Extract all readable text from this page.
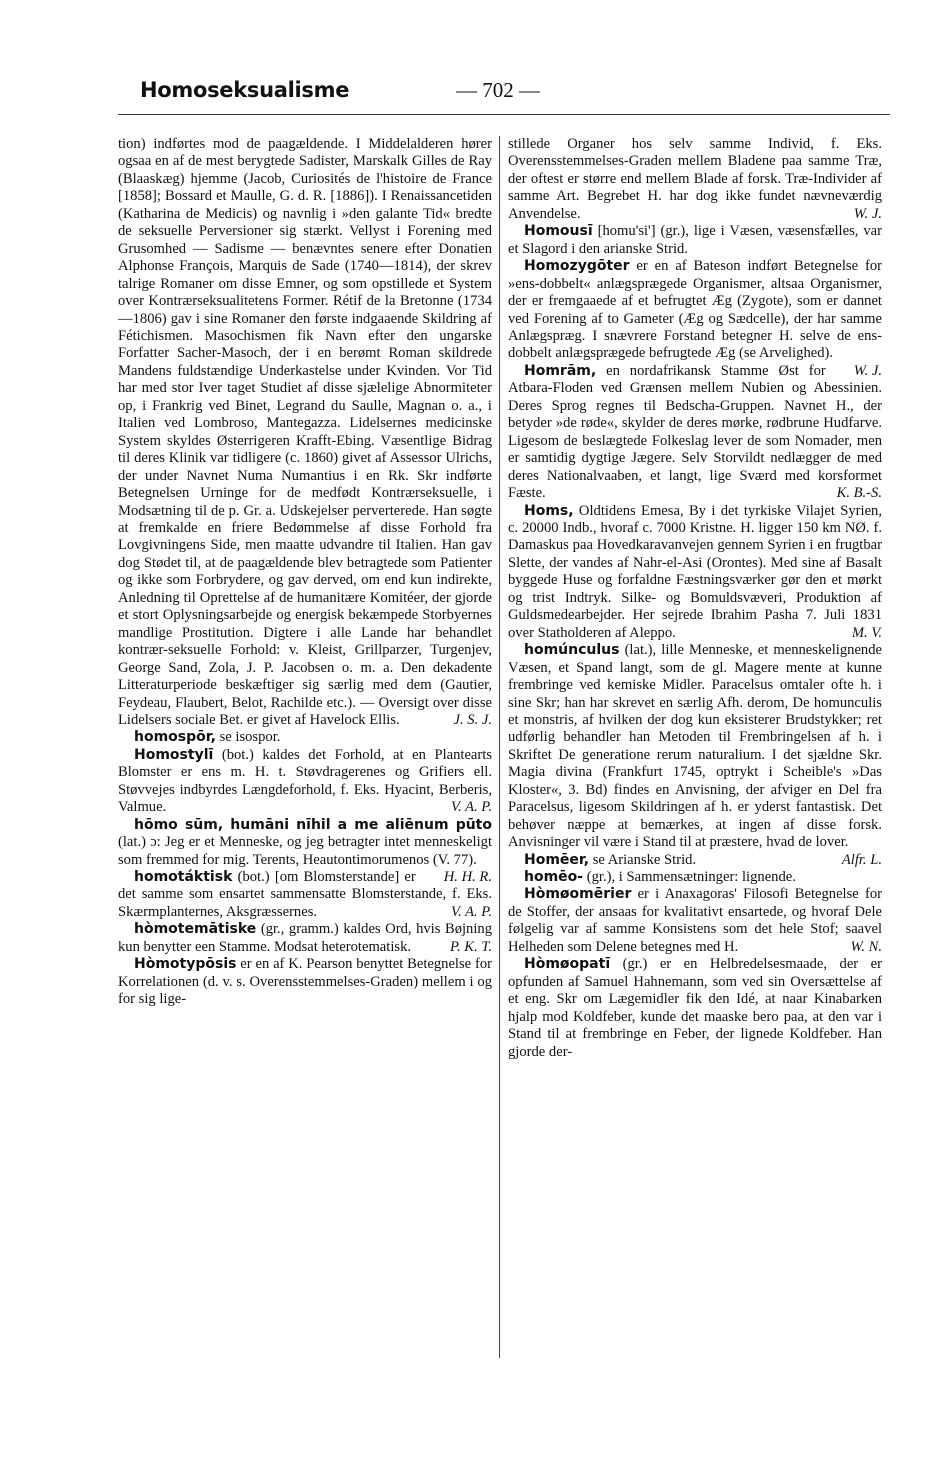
Homoseksualisme	— 702 —

tion) indførtes mod de paagældende. I Middelalderen hører ogsaa en af de mest berygtede Sadister, Marskalk Gilles de Ray (Blaaskæg) hjemme (Jacob, Curiosités de l'histoire de France [1858]; Bossard et Maulle, G. d. R. [1886]). I Renaissancetiden (Katharina de Medicis) og navnlig i »den galante Tid« bredte de seksuelle Perversioner sig stærkt. Vellyst i Forening med Grusomhed — Sadisme — benævntes senere efter Donatien Alphonse François, Marquis de Sade (1740—1814), der skrev talrige Romaner om disse Emner, og som opstillede et System over Kontrærseksualitetens Former. Rétif de la Bretonne (1734—1806) gav i sine Romaner den første indgaaende Skildring af Fétichismen. Masochismen fik Navn efter den ungarske Forfatter Sacher-Masoch, der i en berømt Roman skildrede Mandens fuldstændige Underkastelse under Kvinden. Vor Tid har med stor Iver taget Studiet af disse sjælelige Abnormiteter op, i Frankrig ved Binet, Legrand du Saulle, Magnan o. a., i Italien ved Lombroso, Mantegazza. Lidelsernes medicinske System skyldes Østerrigeren Krafft-Ebing. Væsentlige Bidrag til deres Klinik var tidligere (c. 1860) givet af Assessor Ulrichs, der under Navnet Numa Numantius i en Rk. Skr indførte Betegnelsen Urninge for de medfødt Kontrærseksuelle, i Modsætning til de p. Gr. a. Udskejelser perverterede. Han søgte at fremkalde en friere Bedømmelse af disse Forhold fra Lovgivningens Side, men maatte udvandre til Italien. Han gav dog Stødet til, at de paagældende blev betragtede som Patienter og ikke som Forbrydere, og gav derved, om end kun indirekte, Anledning til Oprettelse af de humanitære Komitéer, der gjorde et stort Oplysningsarbejde og energisk bekæmpede Storbyernes mandlige Prostitution. Digtere i alle Lande har behandlet kontrær-seksuelle Forhold: v. Kleist, Grillparzer, Turgenjev, George Sand, Zola, J. P. Jacobsen o. m. a. Den dekadente Litteraturperiode beskæftiger sig særlig med dem (Gautier, Feydeau, Flaubert, Belot, Rachilde etc.). — Oversigt over disse Lidelsers sociale Bet. er givet af Havelock Ellis.	J. S. J.

homospōr, se isospor.

Homostylī (bot.) kaldes det Forhold, at en Plantearts Blomster er ens m. H. t. Støvdragerenes og Grifiers ell. Støvvejes indbyrdes Længdeforhold, f. Eks. Hyacint, Berberis, Valmue.	V. A. P.

hōmo sūm, humāni nīhil a me aliēnum pūto (lat.) ɔ: Jeg er et Menneske, og jeg betragter intet menneskeligt som fremmed for mig. Terents, Heautontimorumenos (V. 77).
H. H. R.

homotáktisk (bot.) [om Blomsterstande] er det samme som ensartet sammensatte Blomsterstande, f. Eks. Skærmplanternes, Aksgræssernes.	V. A. P.

hòmotemātiske (gr., gramm.) kaldes Ord, hvis Bøjning kun benytter een Stamme. Modsat heterotematisk.	P. K. T.

Hòmotypōsis er en af K. Pearson benyttet Betegnelse for Korrelationen (d. v. s. Overensstemmelses-Graden) mellem i og for sig lige-

stillede Organer hos selv samme Individ, f. Eks. Overensstemmelses-Graden mellem Bladene paa samme Træ, der oftest er større end mellem Blade af forsk. Træ-Individer af samme Art. Begrebet H. har dog ikke fundet nævneværdig Anvendelse.	W. J.

Homousī [homu'si'] (gr.), lige i Væsen, væsensfælles, var et Slagord i den arianske Strid.

Homozygōter er en af Bateson indført Betegnelse for »ens-dobbelt« anlægsprægede Organismer, altsaa Organismer, der er fremgaaede af et befrugtet Æg (Zygote), som er dannet ved Forening af to Gameter (Æg og Sædcelle), der har samme Anlægspræg. I snævrere Forstand betegner H. selve de ens-dobbelt anlægsprægede befrugtede Æg (se Arvelighed).
W. J.

Homrām, en nordafrikansk Stamme Øst for Atbara-Floden ved Grænsen mellem Nubien og Abessinien. Deres Sprog regnes til Bedscha-Gruppen. Navnet H., der betyder »de røde«, skylder de deres mørke, rødbrune Hudfarve. Ligesom de beslægtede Folkeslag lever de som Nomader, men er samtidig dygtige Jægere. Selv Storvildt nedlægger de med deres Nationalvaaben, et langt, lige Sværd med korsformet Fæste.	K. B.-S.

Homs, Oldtidens Emesa, By i det tyrkiske Vilajet Syrien, c. 20000 Indb., hvoraf c. 7000 Kristne. H. ligger 150 km NØ. f. Damaskus paa Hovedkaravanvejen gennem Syrien i en frugtbar Slette, der vandes af Nahr-el-Asi (Orontes). Med sine af Basalt byggede Huse og forfaldne Fæstningsværker gør den et mørkt og trist Indtryk. Silke- og Bomuldsvæveri, Produktion af Guldsmedearbejder. Her sejrede Ibrahim Pasha 7. Juli 1831 over Statholderen af Aleppo.	M. V.

homúnculus (lat.), lille Menneske, et menneskelignende Væsen, et Spand langt, som de gl. Magere mente at kunne frembringe ved kemiske Midler. Paracelsus omtaler ofte h. i sine Skr; han har skrevet en særlig Afh. derom, De homunculis et monstris, af hvilken der dog kun eksisterer Brudstykker; ret udførlig behandler han Metoden til Frembringelsen af h. i Skriftet De generatione rerum naturalium. I det sjældne Skr. Magia divina (Frankfurt 1745, optrykt i Scheible's »Das Kloster«, 3. Bd) findes en Anvisning, der afviger en Del fra Paracelsus, ligesom Skildringen af h. er yderst fantastisk. Det behøver næppe at bemærkes, at ingen af disse forsk. Anvisninger vil være i Stand til at præstere, hvad de lover.
Alfr. L.

Homēer, se Arianske Strid.

homēo- (gr.), i Sammensætninger: lignende.

Hòmøomērier er i Anaxagoras' Filosofi Betegnelse for de Stoffer, der ansaas for kvalitativt ensartede, og hvoraf Dele følgelig var af samme Konsistens som det hele Stof; saavel Helheden som Delene betegnes med H.	W. N.

Hòmøopatī (gr.) er en Helbredelsesmaade, der er opfunden af Samuel Hahnemann, som ved sin Oversættelse af et eng. Skr om Lægemidler fik den Idé, at naar Kinabarken hjalp mod Koldfeber, kunde det maaske bero paa, at den var i Stand til at frembringe en Feber, der lignede Koldfeber. Han gjorde der-
